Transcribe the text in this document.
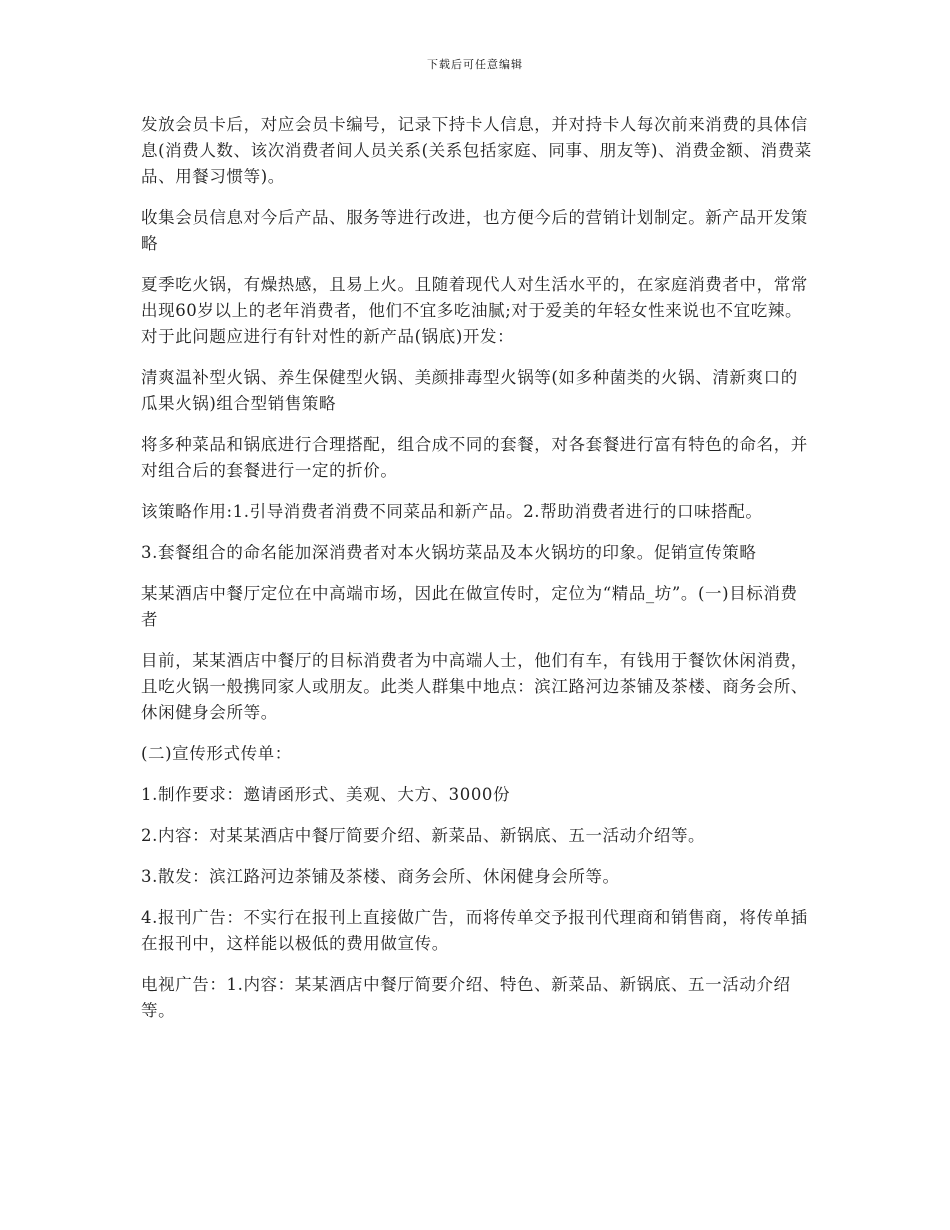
下载后可任意编辑

发放会员卡后，对应会员卡编号，记录下持卡人信息，并对持卡人每次前来消费的具体信息(消费人数、该次消费者间人员关系(关系包括家庭、同事、朋友等)、消费金额、消费菜品、用餐习惯等)。

收集会员信息对今后产品、服务等进行改进，也方便今后的营销计划制定。新产品开发策略

夏季吃火锅，有燥热感，且易上火。且随着现代人对生活水平的，在家庭消费者中，常常出现60岁以上的老年消费者，他们不宜多吃油腻;对于爱美的年轻女性来说也不宜吃辣。对于此问题应进行有针对性的新产品(锅底)开发：

清爽温补型火锅、养生保健型火锅、美颜排毒型火锅等(如多种菌类的火锅、清新爽口的瓜果火锅)组合型销售策略

将多种菜品和锅底进行合理搭配，组合成不同的套餐，对各套餐进行富有特色的命名，并对组合后的套餐进行一定的折价。

该策略作用:1.引导消费者消费不同菜品和新产品。2.帮助消费者进行的口味搭配。

3.套餐组合的命名能加深消费者对本火锅坊菜品及本火锅坊的印象。促销宣传策略

某某酒店中餐厅定位在中高端市场，因此在做宣传时，定位为“精品_坊”。(一)目标消费者

目前，某某酒店中餐厅的目标消费者为中高端人士，他们有车，有钱用于餐饮休闲消费，且吃火锅一般携同家人或朋友。此类人群集中地点：滨江路河边茶铺及茶楼、商务会所、休闲健身会所等。

(二)宣传形式传单：

1.制作要求：邀请函形式、美观、大方、3000份

2.内容：对某某酒店中餐厅简要介绍、新菜品、新锅底、五一活动介绍等。

3.散发：滨江路河边茶铺及茶楼、商务会所、休闲健身会所等。

4.报刊广告：不实行在报刊上直接做广告，而将传单交予报刊代理商和销售商，将传单插在报刊中，这样能以极低的费用做宣传。

电视广告：1.内容：某某酒店中餐厅简要介绍、特色、新菜品、新锅底、五一活动介绍等。
